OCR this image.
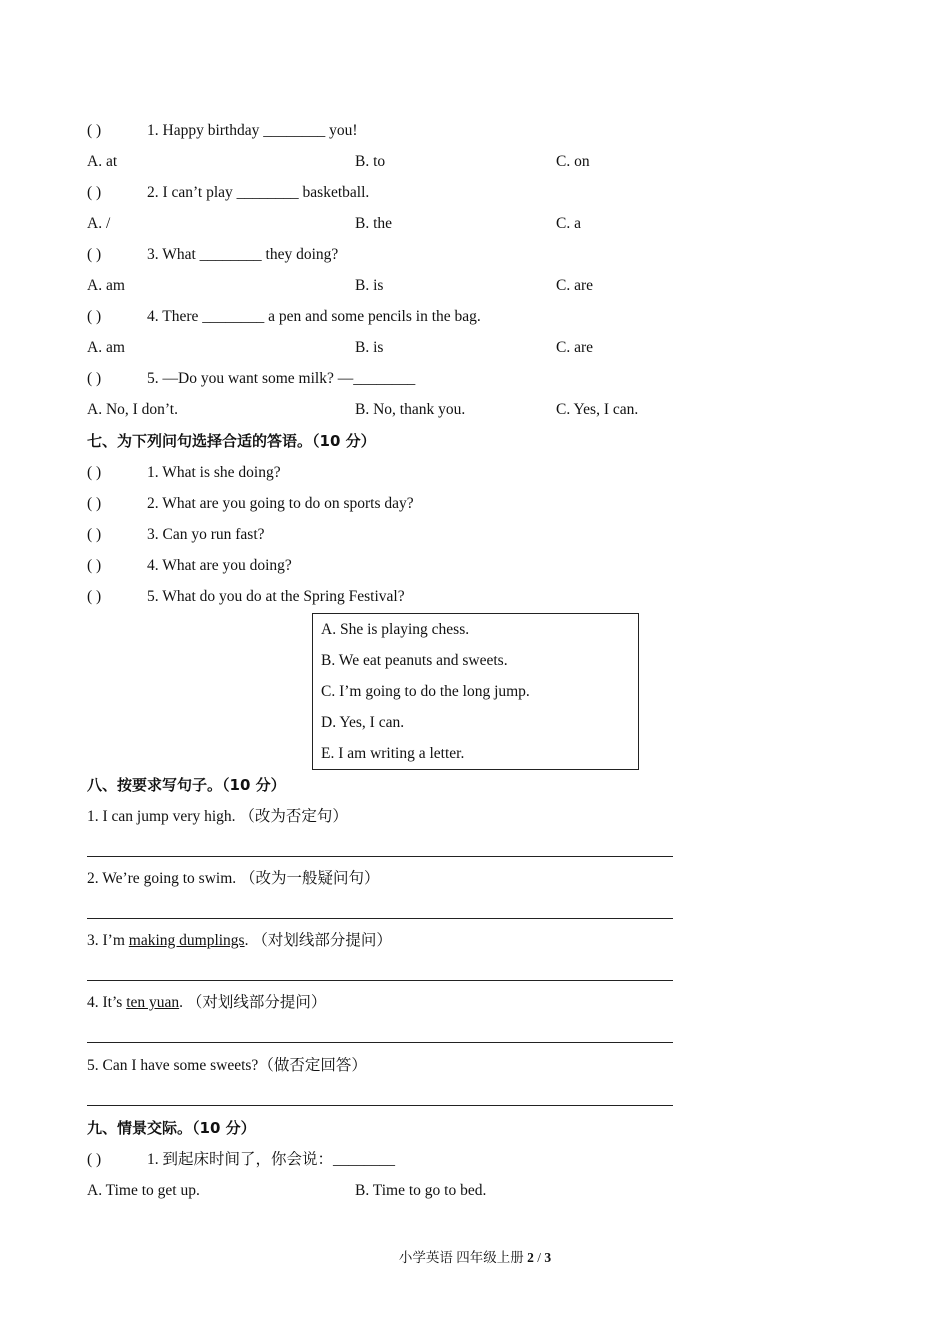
( )	1. Happy birthday ________ you!
A. at	B. to	C. on
( )	2. I can’t play ________ basketball.
A. /	B. the	C. a
( )	3. What ________ they doing?
A. am	B. is	C. are
( )	4. There ________ a pen and some pencils in the bag.
A. am	B. is	C. are
( )	5. —Do you want some milk? —________
A. No, I don’t.	B. No, thank you.	C. Yes, I can.
七、为下列问句选择合适的答语。（10 分）
( )	1. What is she doing?
( )	2. What are you going to do on sports day?
( )	3. Can yo run fast?
( )	4. What are you doing?
( )	5. What do you do at the Spring Festival?
A. She is playing chess.
B. We eat peanuts and sweets.
C. I’m going to do the long jump.
D. Yes, I can.
E. I am writing a letter.
八、按要求写句子。（10 分）
1. I can jump very high. （改为否定句）
2. We’re going to swim. （改为一般疑问句）
3. I’m making dumplings. （对划线部分提问）
4. It’s ten yuan. （对划线部分提问）
5. Can I have some sweets?（做否定回答）
九、情景交际。（10 分）
( )	1. 到起床时间了，你会说：________
A. Time to get up.	B. Time to go to bed.
小学英语 四年级上册 2 / 3
